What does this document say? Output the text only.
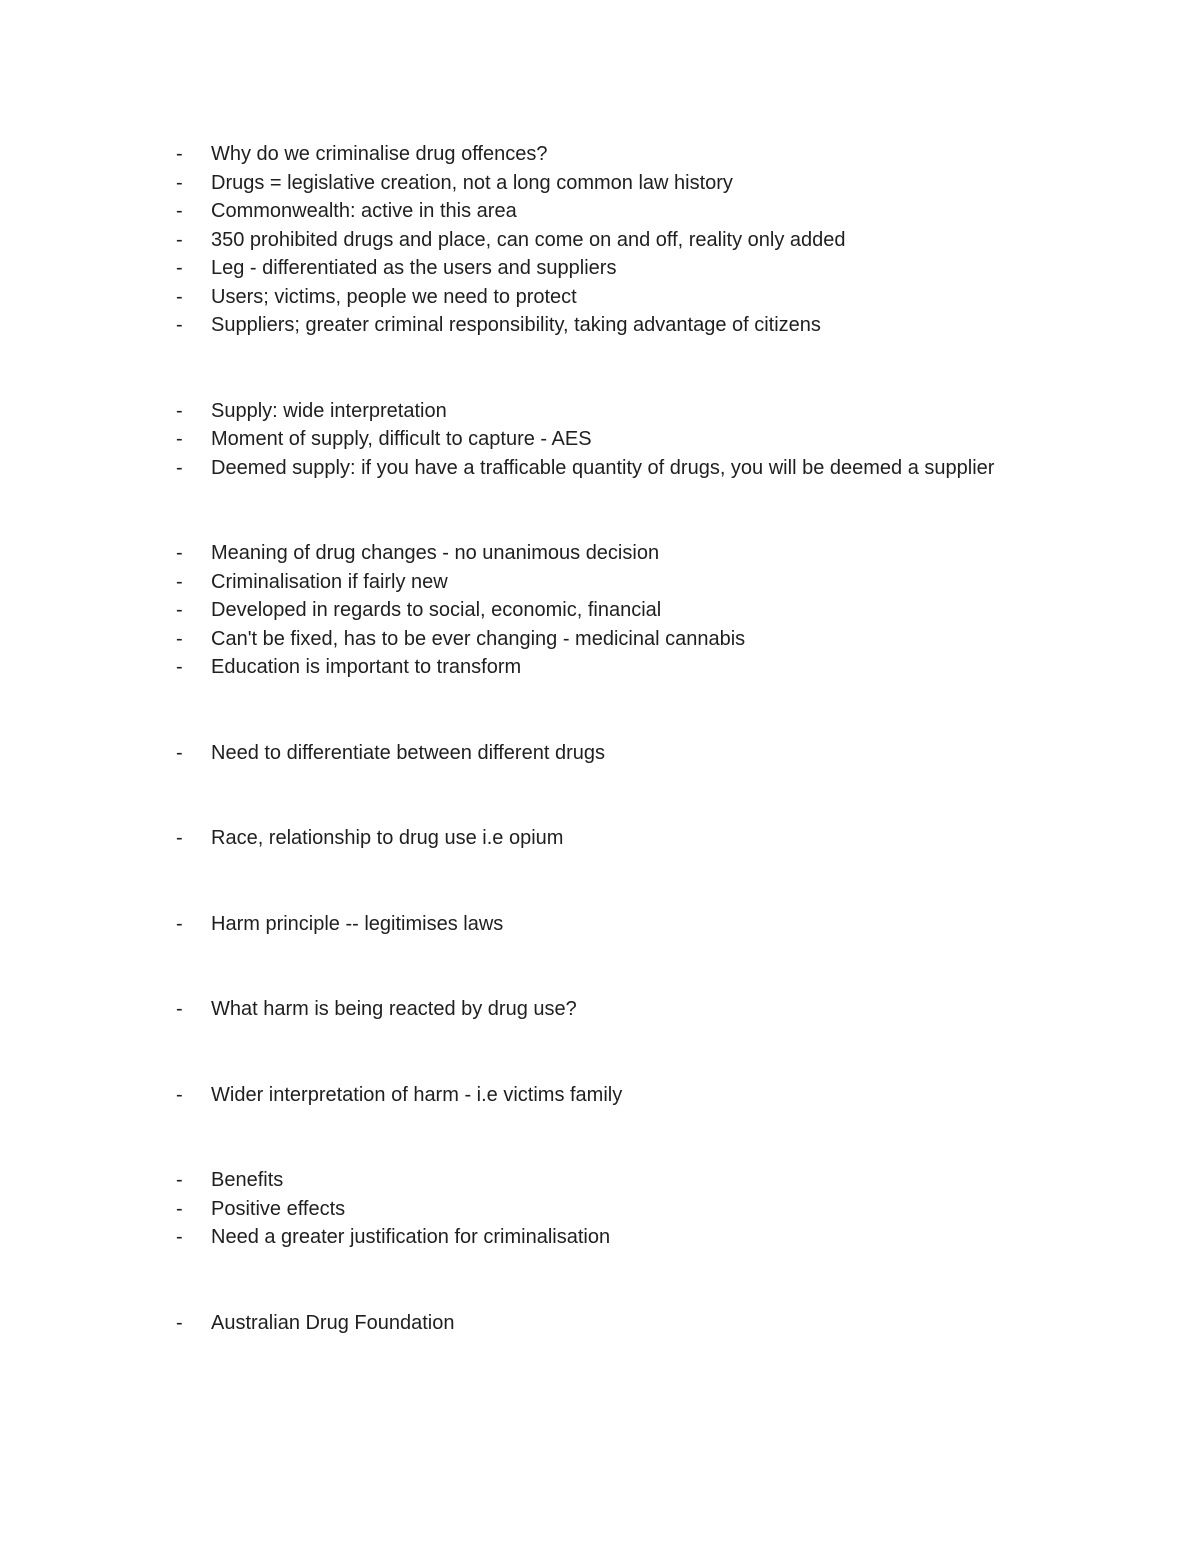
-	Why do we criminalise drug offences?
-	Drugs = legislative creation, not a long common law history
-	Commonwealth: active in this area
-	350 prohibited drugs and place, can come on and off, reality only added
-	Leg - differentiated as the users and suppliers
-	Users; victims, people we need to protect
-	Suppliers; greater criminal responsibility, taking advantage of citizens
-	Supply: wide interpretation
-	Moment of supply, difficult to capture - AES
-	Deemed supply: if you have a trafficable quantity of drugs, you will be deemed a supplier
-	Meaning of drug changes - no unanimous decision
-	Criminalisation if fairly new
-	Developed in regards to social, economic, financial
-	Can't be fixed, has to be ever changing - medicinal cannabis
-	Education is important to transform
-	Need to differentiate between different drugs
-	Race, relationship to drug use i.e opium
-	Harm principle -- legitimises laws
-	What harm is being reacted by drug use?
-	Wider interpretation of harm - i.e victims family
-	Benefits
-	Positive effects
-	Need a greater justification for criminalisation
-	Australian Drug Foundation
